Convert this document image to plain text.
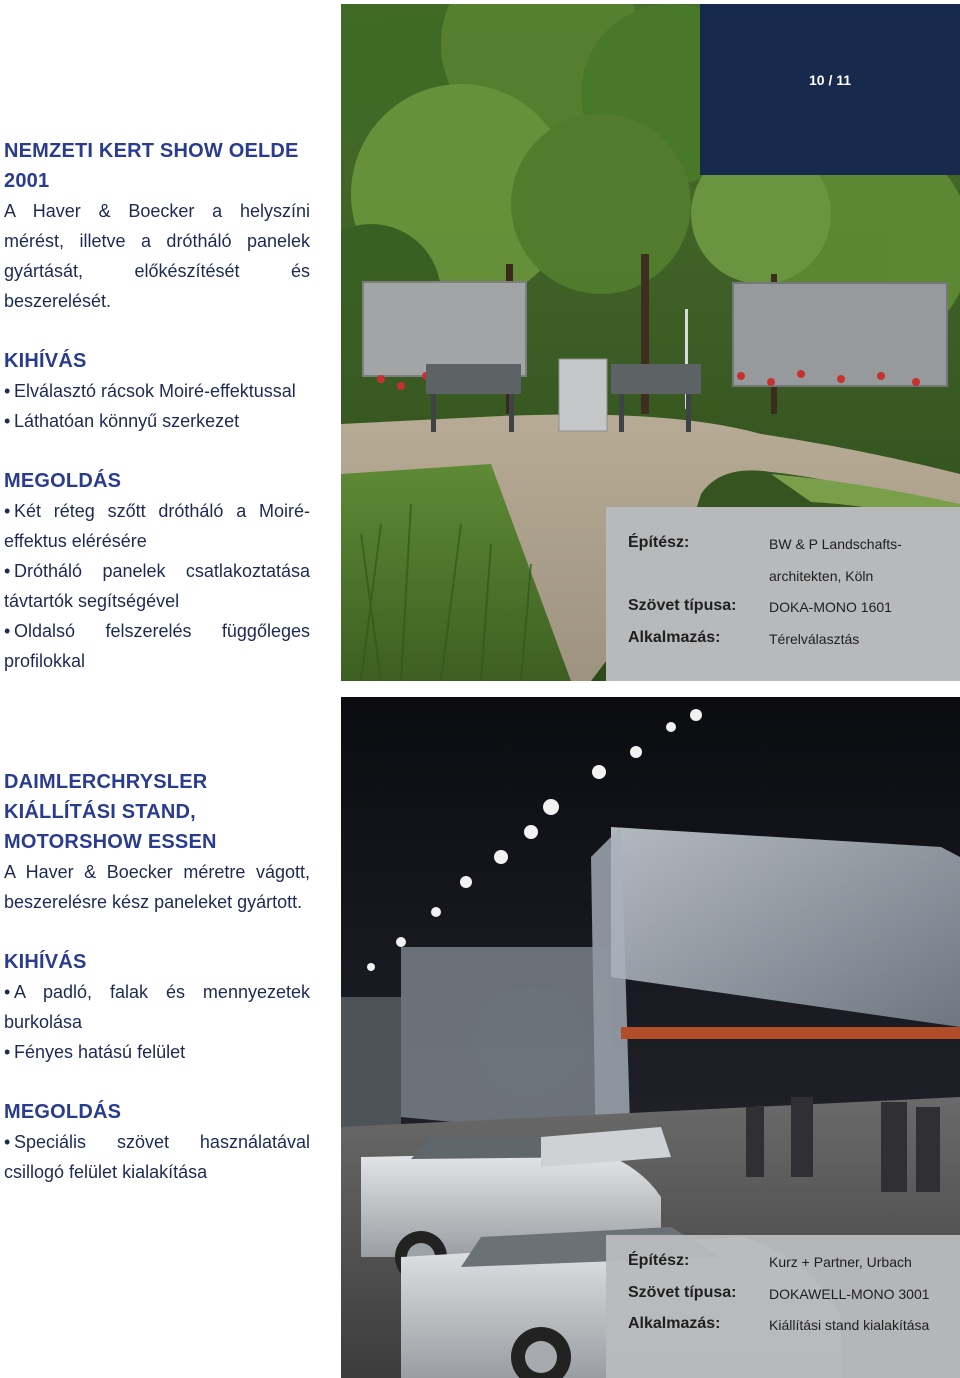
NEMZETI KERT SHOW OELDE
2001

A Haver & Boecker a helyszíni mérést, illetve a drótháló panelek gyártását, előkészítését és beszerelését.

KIHÍVÁS

• Elválasztó rácsok Moiré-effektussal

• Láthatóan könnyű szerkezet

MEGOLDÁS

• Két réteg szőtt drótháló a Moiré-effektus elérésére

• Drótháló panelek csatlakoztatása távtartók segítségével

• Oldalsó felszerelés függőleges profilokkal

DAIMLERCHRYSLER
KIÁLLÍTÁSI STAND,
MOTORSHOW ESSEN

A Haver & Boecker méretre vágott, beszerelésre kész paneleket gyártott.

KIHÍVÁS

• A padló, falak és mennyezetek burkolása

• Fényes hatású felület

MEGOLDÁS

• Speciális szövet használatával csillogó felület kialakítása

10 / 11
Építész:	BW & P Landschafts-
	architekten, Köln
Szövet típusa:	DOKA-MONO 1601
Alkalmazás:	Térelválasztás
Építész:	Kurz + Partner, Urbach
Szövet típusa:	DOKAWELL-MONO 3001
Alkalmazás:	Kiállítási stand kialakítása
